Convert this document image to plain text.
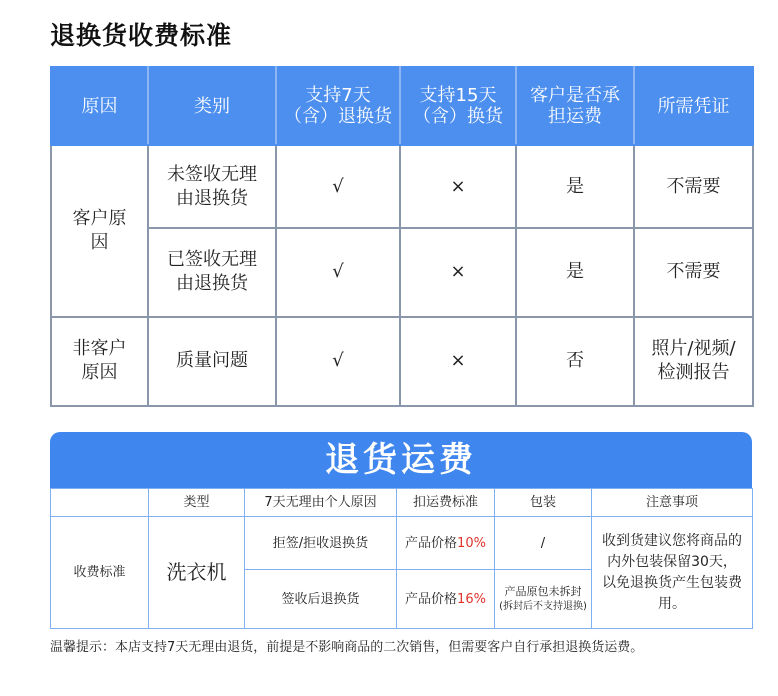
退换货收费标准
原因	类别	支持7天（含）退换货	支持15天（含）换货	客户是否承担运费	所需凭证
客户原因	未签收无理由退换货	√	×	是	不需要
	已签收无理由退换货	√	×	是	不需要
非客户原因	质量问题	√	×	否	照片/视频/检测报告
退货运费
	类型	7天无理由个人原因	扣运费标准	包装	注意事项
收费标准	洗衣机	拒签/拒收退换货	产品价格10%	/	收到货建议您将商品的内外包装保留30天，以免退换货产生包装费用。
		签收后退换货	产品价格16%	产品原包未拆封
(拆封后不支持退换)	
温馨提示：本店支持7天无理由退货，前提是不影响商品的二次销售，但需要客户自行承担退换货运费。
